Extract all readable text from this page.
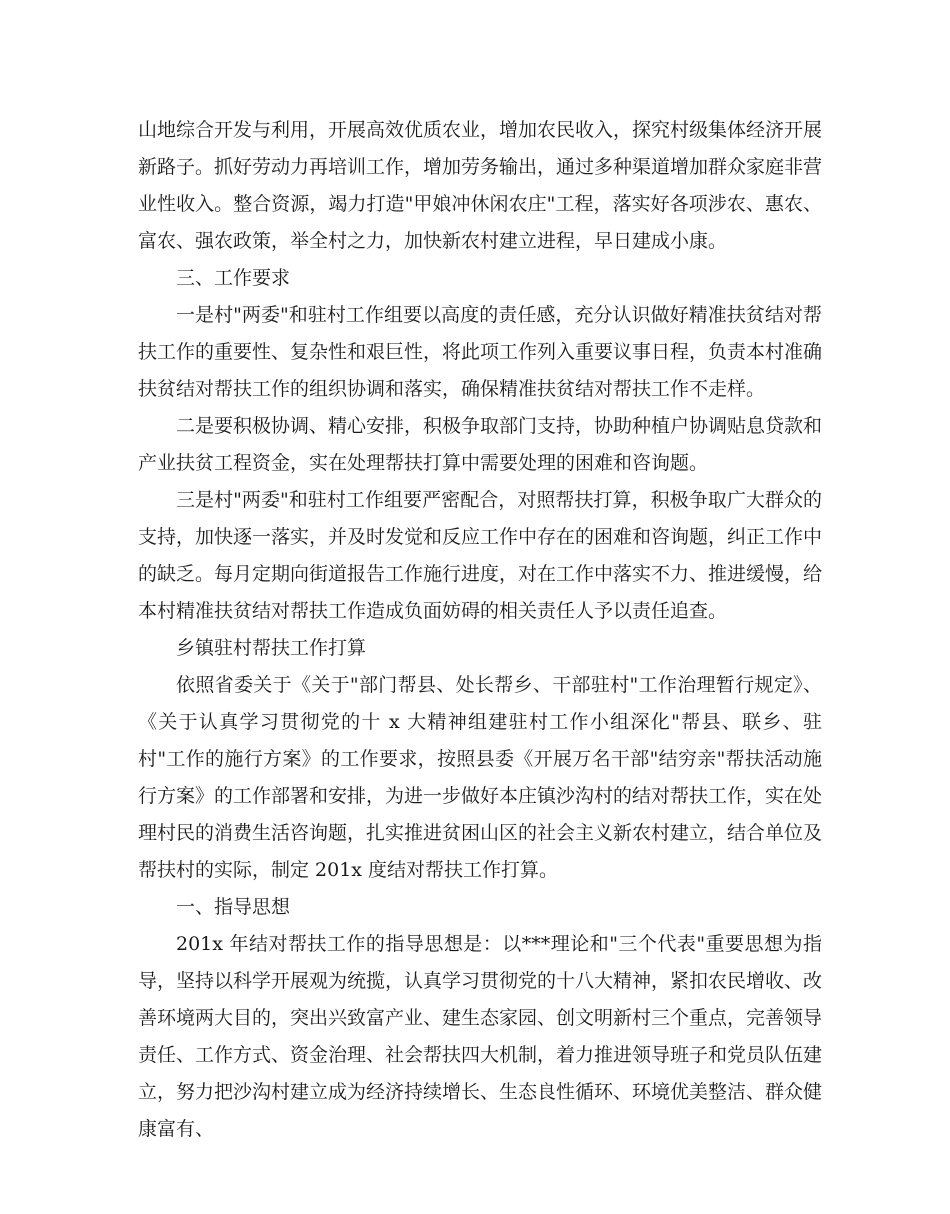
山地综合开发与利用，开展高效优质农业，增加农民收入，探究村级集体经济开展新路子。抓好劳动力再培训工作，增加劳务输出，通过多种渠道增加群众家庭非营业性收入。整合资源，竭力打造"甲娘冲休闲农庄"工程，落实好各项涉农、惠农、富农、强农政策，举全村之力，加快新农村建立进程，早日建成小康。

三、工作要求

一是村"两委"和驻村工作组要以高度的责任感，充分认识做好精准扶贫结对帮扶工作的重要性、复杂性和艰巨性，将此项工作列入重要议事日程，负责本村准确扶贫结对帮扶工作的组织协调和落实，确保精准扶贫结对帮扶工作不走样。

二是要积极协调、精心安排，积极争取部门支持，协助种植户协调贴息贷款和产业扶贫工程资金，实在处理帮扶打算中需要处理的困难和咨询题。

三是村"两委"和驻村工作组要严密配合，对照帮扶打算，积极争取广大群众的支持，加快逐一落实，并及时发觉和反应工作中存在的困难和咨询题，纠正工作中的缺乏。每月定期向街道报告工作施行进度，对在工作中落实不力、推进缓慢，给本村精准扶贫结对帮扶工作造成负面妨碍的相关责任人予以责任追查。

乡镇驻村帮扶工作打算

依照省委关于《关于"部门帮县、处长帮乡、干部驻村"工作治理暂行规定》、《关于认真学习贯彻党的十 x 大精神组建驻村工作小组深化"帮县、联乡、驻村"工作的施行方案》的工作要求，按照县委《开展万名干部"结穷亲"帮扶活动施行方案》的工作部署和安排，为进一步做好本庄镇沙沟村的结对帮扶工作，实在处理村民的消费生活咨询题，扎实推进贫困山区的社会主义新农村建立，结合单位及帮扶村的实际，制定 201x 度结对帮扶工作打算。

一、指导思想

201x 年结对帮扶工作的指导思想是：以***理论和"三个代表"重要思想为指导，坚持以科学开展观为统揽，认真学习贯彻党的十八大精神，紧扣农民增收、改善环境两大目的，突出兴致富产业、建生态家园、创文明新村三个重点，完善领导责任、工作方式、资金治理、社会帮扶四大机制，着力推进领导班子和党员队伍建立，努力把沙沟村建立成为经济持续增长、生态良性循环、环境优美整洁、群众健康富有、
